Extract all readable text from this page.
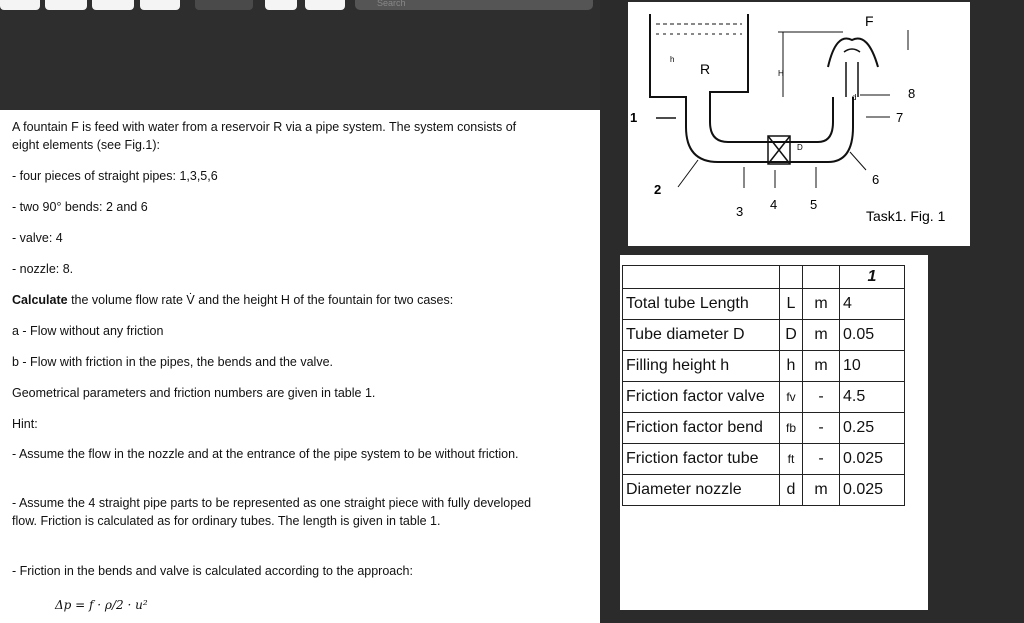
Search

A fountain F is feed with water from a reservoir R via a pipe system. The system consists of eight elements (see Fig.1):

- four pieces of straight pipes: 1,3,5,6

- two 90° bends: 2 and 6

- valve: 4

- nozzle: 8.

Calculate the volume flow rate V̇ and the height H of the fountain for two cases:

a - Flow without any friction

b - Flow with friction in the pipes, the bends and the valve.

Geometrical parameters and friction numbers are given in table 1.

Hint:

- Assume the flow in the nozzle and at the entrance of the pipe system to be without friction.

- Assume the 4 straight pipe parts to be represented as one straight piece with fully developed flow. Friction is calculated as for ordinary tubes. The length is given in table 1.

- Friction in the bends and valve is calculated according to the approach:

Δp = f · ρ/2 · u²

F
R
h
H
D
d
1
2
3 4	5
6
7
8
Task1. Fig. 1
			1
Total tube Length	L	m	4
Tube diameter D	D	m	0.05
Filling height h	h	m	10
Friction factor valve	fv	-	4.5
Friction factor bend	fb	-	0.25
Friction factor tube	ft	-	0.025
Diameter nozzle	d	m	0.025
